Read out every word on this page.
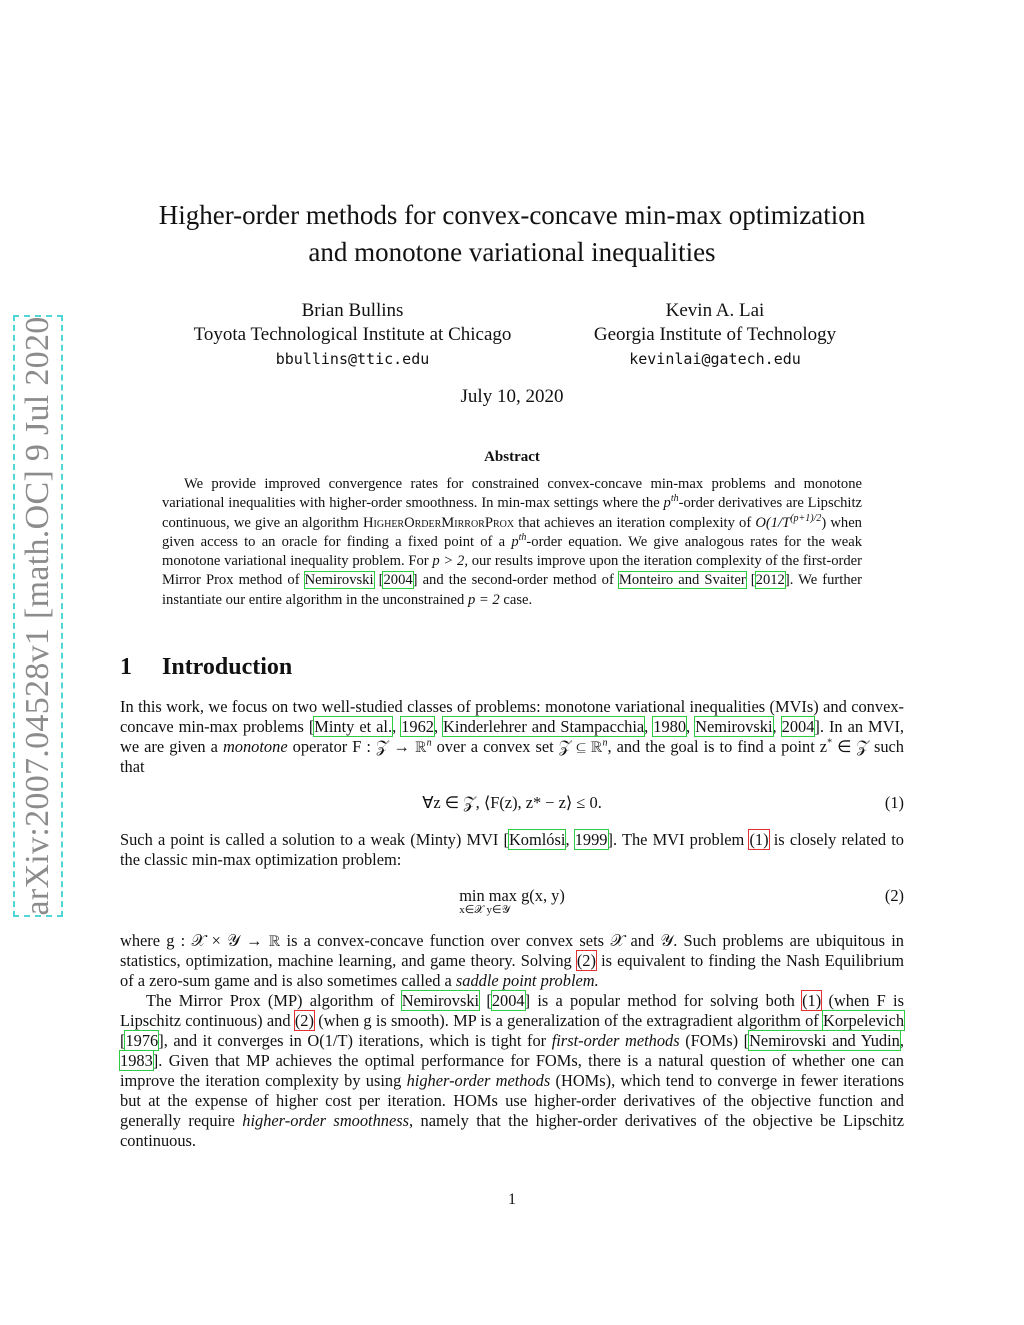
arXiv:2007.04528v1 [math.OC] 9 Jul 2020
Higher-order methods for convex-concave min-max optimization
and monotone variational inequalities
Brian Bullins
Toyota Technological Institute at Chicago
bbullins@ttic.edu
Kevin A. Lai
Georgia Institute of Technology
kevinlai@gatech.edu
July 10, 2020
Abstract
We provide improved convergence rates for constrained convex-concave min-max problems and monotone variational inequalities with higher-order smoothness. In min-max settings where the $p^{th}$-order derivatives are Lipschitz continuous, we give an algorithm HigherOrderMirrorProx that achieves an iteration complexity of $O(1/T^{(p+1)/2})$ when given access to an oracle for finding a fixed point of a $p^{th}$-order equation. We give analogous rates for the weak monotone variational inequality problem. For p > 2, our results improve upon the iteration complexity of the first-order Mirror Prox method of Nemirovski [2004] and the second-order method of Monteiro and Svaiter [2012]. We further instantiate our entire algorithm in the unconstrained p = 2 case.
1 Introduction
In this work, we focus on two well-studied classes of problems: monotone variational inequalities (MVIs) and convex-concave min-max problems [Minty et al., 1962, Kinderlehrer and Stampacchia, 1980, Nemirovski, 2004]. In an MVI, we are given a monotone operator F : 𝒵 → ℝ$^n$ over a convex set 𝒵 ⊆ ℝ$^n$, and the goal is to find a point z* ∈ 𝒵 such that
∀z ∈ 𝒵, ⟨F(z), z* − z⟩ ≤ 0.	(1)
Such a point is called a solution to a weak (Minty) MVI [Komlósi, 1999]. The MVI problem (1) is closely related to the classic min-max optimization problem:
min max g(x, y)
x∈𝒳 y∈𝒴
(2)
where g : 𝒳 × 𝒴 → ℝ is a convex-concave function over convex sets 𝒳 and 𝒴. Such problems are ubiquitous in statistics, optimization, machine learning, and game theory. Solving (2) is equivalent to finding the Nash Equilibrium of a zero-sum game and is also sometimes called a saddle point problem.
The Mirror Prox (MP) algorithm of Nemirovski [2004] is a popular method for solving both (1) (when F is Lipschitz continuous) and (2) (when g is smooth). MP is a generalization of the extragradient algorithm of Korpelevich [1976], and it converges in O(1/T) iterations, which is tight for first-order methods (FOMs) [Nemirovski and Yudin, 1983]. Given that MP achieves the optimal performance for FOMs, there is a natural question of whether one can improve the iteration complexity by using higher-order methods (HOMs), which tend to converge in fewer iterations but at the expense of higher cost per iteration. HOMs use higher-order derivatives of the objective function and generally require higher-order smoothness, namely that the higher-order derivatives of the objective be Lipschitz continuous.
1
